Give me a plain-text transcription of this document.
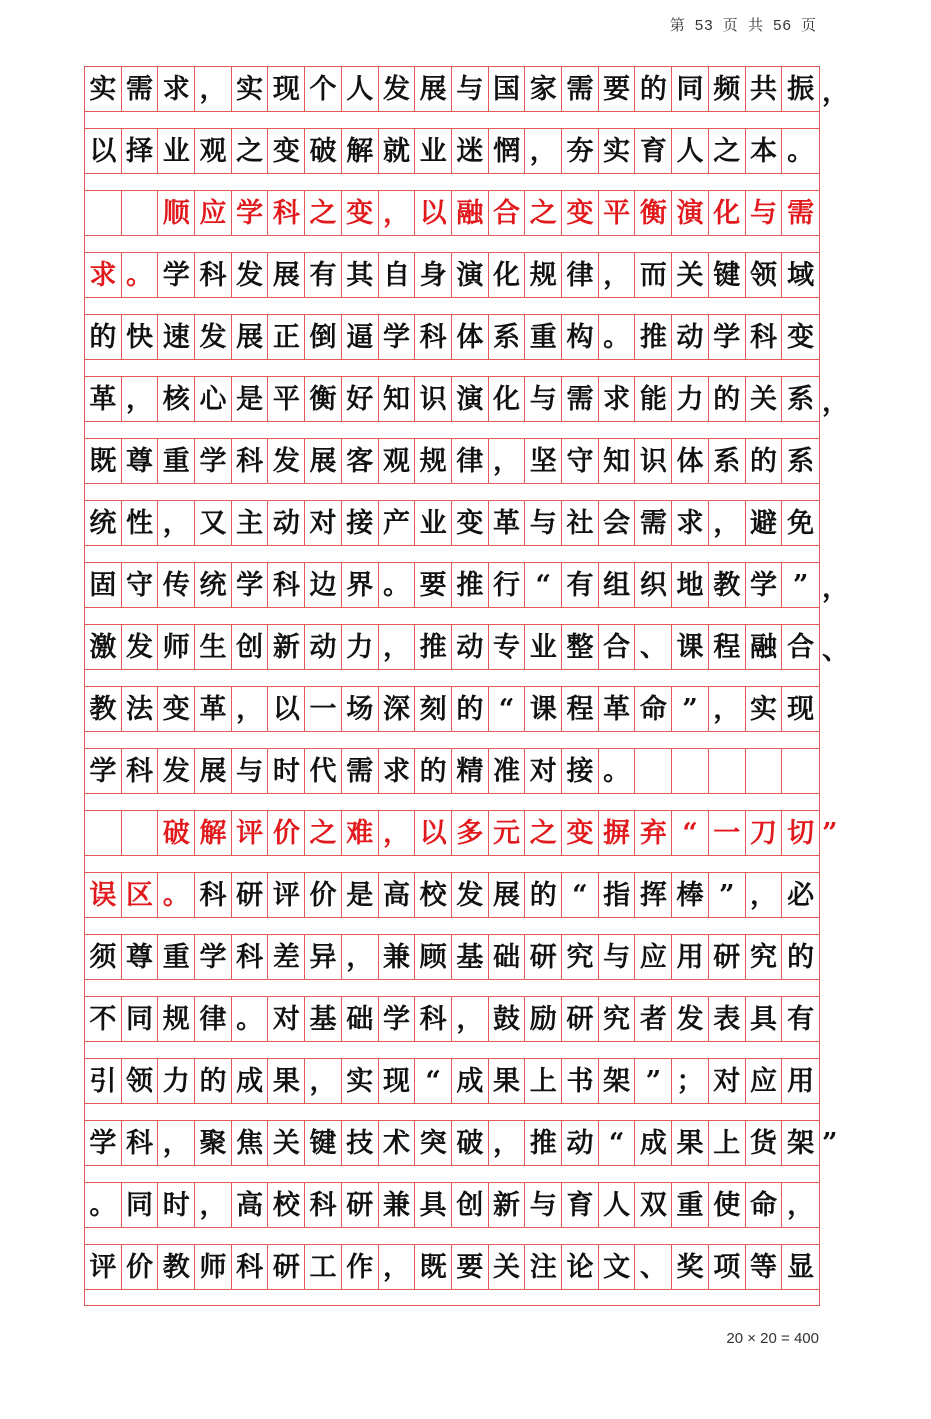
第 53 页 共 56 页
实 需 求 ， 实 现 个 人 发 展 与 国 家 需 要 的 同 频 共 振 ，
以 择 业 观 之 变 破 解 就 业 迷 惘 ， 夯 实 育 人 之 本 。
顺 应 学 科 之 变 ， 以 融 合 之 变 平 衡 演 化 与 需
求 。 学 科 发 展 有 其 自 身 演 化 规 律 ， 而 关 键 领 域
的 快 速 发 展 正 倒 逼 学 科 体 系 重 构 。 推 动 学 科 变
革 ， 核 心 是 平 衡 好 知 识 演 化 与 需 求 能 力 的 关 系 ，
既 尊 重 学 科 发 展 客 观 规 律 ， 坚 守 知 识 体 系 的 系
统 性 ， 又 主 动 对 接 产 业 变 革 与 社 会 需 求 ， 避 免
固 守 传 统 学 科 边 界 。 要 推 行 “ 有 组 织 地 教 学 ” ，
激 发 师 生 创 新 动 力 ， 推 动 专 业 整 合 、 课 程 融 合 、
教 法 变 革 ， 以 一 场 深 刻 的 “ 课 程 革 命 ” ， 实 现
学 科 发 展 与 时 代 需 求 的 精 准 对 接 。
破 解 评 价 之 难 ， 以 多 元 之 变 摒 弃 “ 一 刀 切 ”
误 区 。 科 研 评 价 是 高 校 发 展 的 “ 指 挥 棒 ” ， 必
须 尊 重 学 科 差 异 ， 兼 顾 基 础 研 究 与 应 用 研 究 的
不 同 规 律 。 对 基 础 学 科 ， 鼓 励 研 究 者 发 表 具 有
引 领 力 的 成 果 ， 实 现 “ 成 果 上 书 架 ” ； 对 应 用
学 科 ， 聚 焦 关 键 技 术 突 破 ， 推 动 “ 成 果 上 货 架 ”
。 同 时 ， 高 校 科 研 兼 具 创 新 与 育 人 双 重 使 命 ，
评 价 教 师 科 研 工 作 ， 既 要 关 注 论 文 、 奖 项 等 显
20 × 20 = 400
